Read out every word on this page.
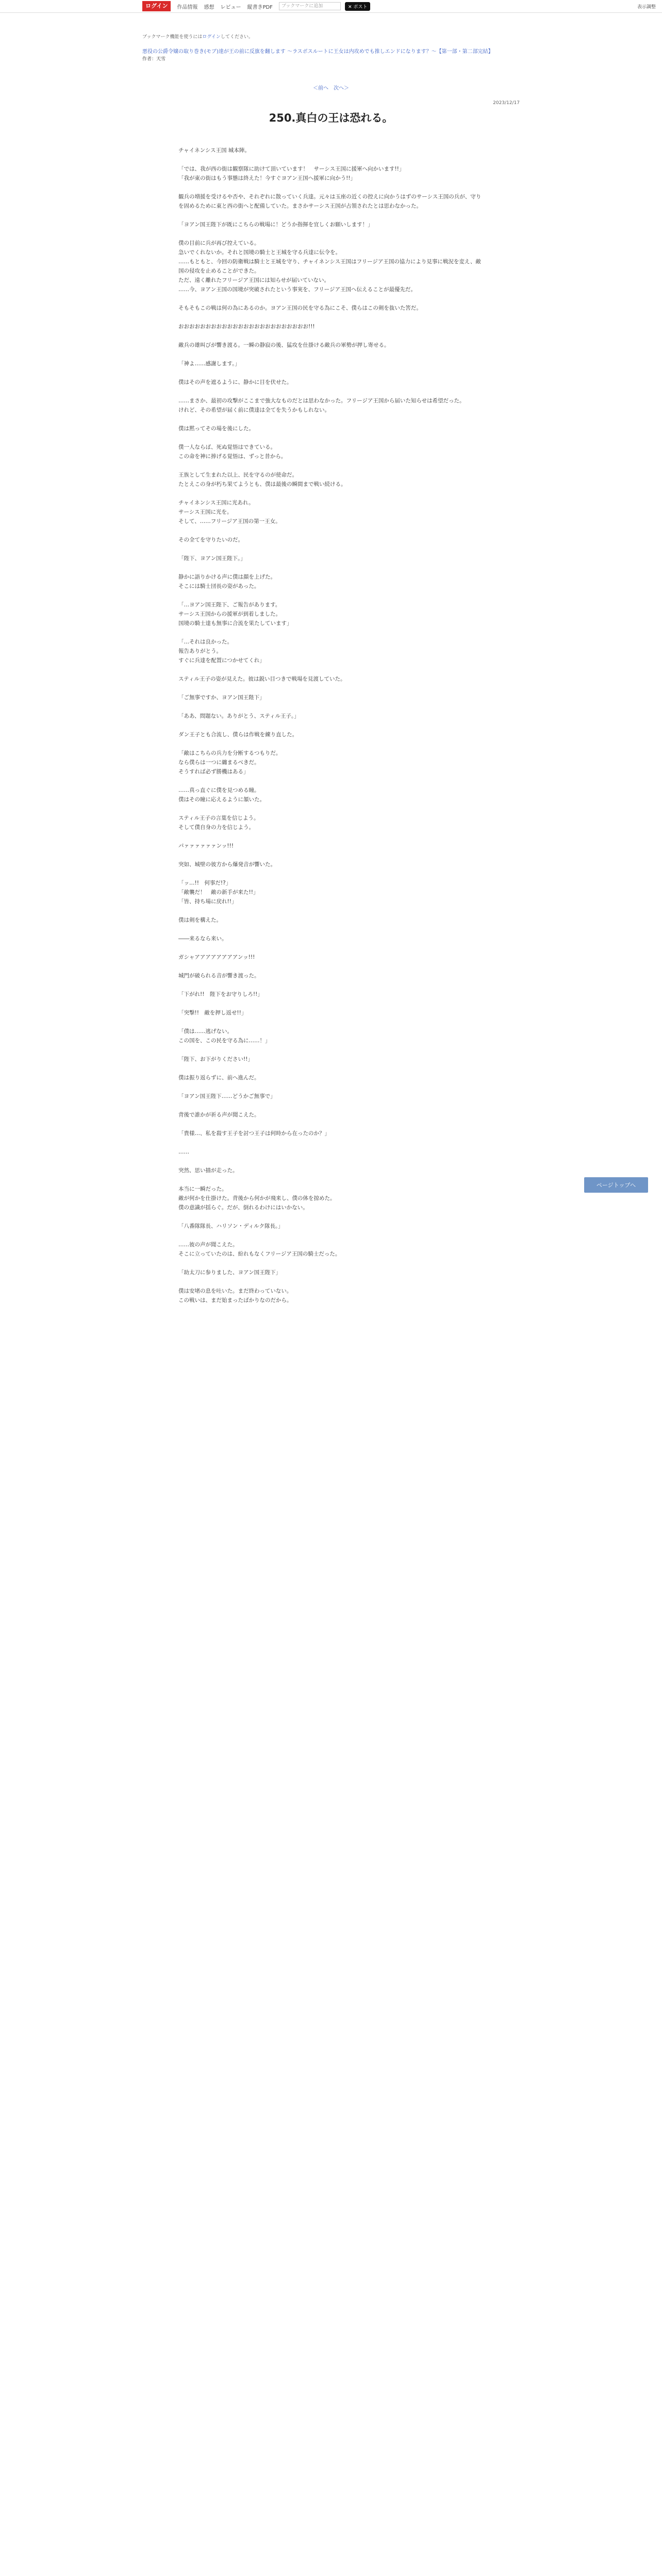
ログイン	作品情報 感想 レビュー 縦書きPDF	ブックマークに追加	✕ ポスト	表示調整
ブックマーク機能を使うにはログインしてください。
悪役の公爵令嬢の取り巻き(モブ)達が王の前に反旗を翻します ～ラスボスルートに王女は内攻めでも推しエンドになります？～【第一部・第二部完結】
作者：天雪
＜前へ　次へ＞
2023/12/17
250.真白の王は恐れる。

チャイネンシス王国 城本陣。

「では、我が西の街は観察隊に助けて頂いています！　サーシス王国に援軍へ向かいます!!」

「我が東の街はもう事態は終えた！今すぐヨアン王国へ援軍に向かう!!」

観兵の増援を受けるや否や、それぞれに散っていく兵達。元々は玉座の近くの控えに向かうはずのサーシス王国の兵が、守りを固めるために東と西の街へと配備していた。まさかサーシス王国が占領されたとは思わなかった。

「ヨアン国王陛下が既にこちらの戦場に！どうか指揮を宜しくお願いします！」

僕の目前に兵が再び控えている。

急いでくれないか。それと国境の騎士と王城を守る兵達に伝令を。

……もともと、今回の防衛戦は騎士と王城を守り、チャイネンシス王国はフリージア王国の協力により見事に戦況を変え、敵国の侵攻を止めることができた。

ただ、遠く離れたフリージア王国には知らせが届いていない。

……今、ヨアン王国の国境が突破されたという事実を、フリージア王国へ伝えることが最優先だ。

そもそもこの戦は何の為にあるのか。ヨアン王国の民を守る為にこそ、僕らはこの剣を抜いた筈だ。

おおおおおおおおおおおおおおおおおおおおおおおお!!!

敵兵の雄叫びが響き渡る。一瞬の静寂の後、猛攻を仕掛ける敵兵の軍勢が押し寄せる。

「神よ……感謝します。」

僕はその声を遮るように、静かに目を伏せた。

……まさか、最初の攻撃がここまで強大なものだとは思わなかった。フリージア王国から届いた知らせは希望だった。

けれど、その希望が届く前に僕達は全てを失うかもしれない。

僕は黙ってその場を後にした。

僕一人ならば、死ぬ覚悟はできている。

この命を神に捧げる覚悟は、ずっと昔から。

王族として生まれた以上、民を守るのが使命だ。

たとえこの身が朽ち果てようとも、僕は最後の瞬間まで戦い続ける。

チャイネンシス王国に光あれ。

サーシス王国に光を。

そして、……フリージア王国の第一王女。

その全てを守りたいのだ。

「陛下、ヨアン国王陛下。」

静かに語りかける声に僕は顔を上げた。

そこには騎士団長の姿があった。

「…ヨアン国王陛下、ご報告があります。

サーシス王国からの援軍が到着しました。

国境の騎士達も無事に合流を果たしています」

「…それは良かった。

報告ありがとう。

すぐに兵達を配置につかせてくれ」

スティル王子の姿が見えた。彼は鋭い目つきで戦場を見渡していた。

「ご無事ですか、ヨアン国王陛下」

「ああ、問題ない。ありがとう、スティル王子。」

ダン王子とも合流し、僕らは作戦を練り直した。

「敵はこちらの兵力を分断するつもりだ。

なら僕らは一つに纏まるべきだ。

そうすれば必ず勝機はある」

……真っ直ぐに僕を見つめる瞳。

僕はその瞳に応えるように頷いた。

スティル王子の言葉を信じよう。

そして僕自身の力を信じよう。

パァァァァァァンッ!!!

突如、城壁の彼方から爆発音が響いた。

「ッ…!!　何事だ!?」

「敵襲だ！　敵の新手が来た!!」

「皆、持ち場に戻れ!!」

僕は剣を構えた。

――来るなら来い。

ガシャアアアアアアアアンッ!!!

城門が破られる音が響き渡った。

「下がれ!!　陛下をお守りしろ!!」

「突撃!!　敵を押し返せ!!」

「僕は……逃げない。

この国を、この民を守る為に……！」

「陛下、お下がりください!!」

僕は振り返らずに、前へ進んだ。

「ヨアン国王陛下……どうかご無事で」

背後で誰かが祈る声が聞こえた。

「貴様…、私を殺す王子を討つ王子は何時から在ったのか？」

……

突然、思い描が走った。

本当に一瞬だった。

敵が何かを仕掛けた。背後から何かが飛来し、僕の体を掠めた。

僕の意識が揺らぐ。だが、倒れるわけにはいかない。

「八番隊隊長、ハリソン・ディルク隊長。」

……彼の声が聞こえた。

そこに立っていたのは、紛れもなくフリージア王国の騎士だった。

「助太刀に参りました、ヨアン国王陛下」

僕は安堵の息を吐いた。まだ終わっていない。

この戦いは、まだ始まったばかりなのだから。

ページトップへ
